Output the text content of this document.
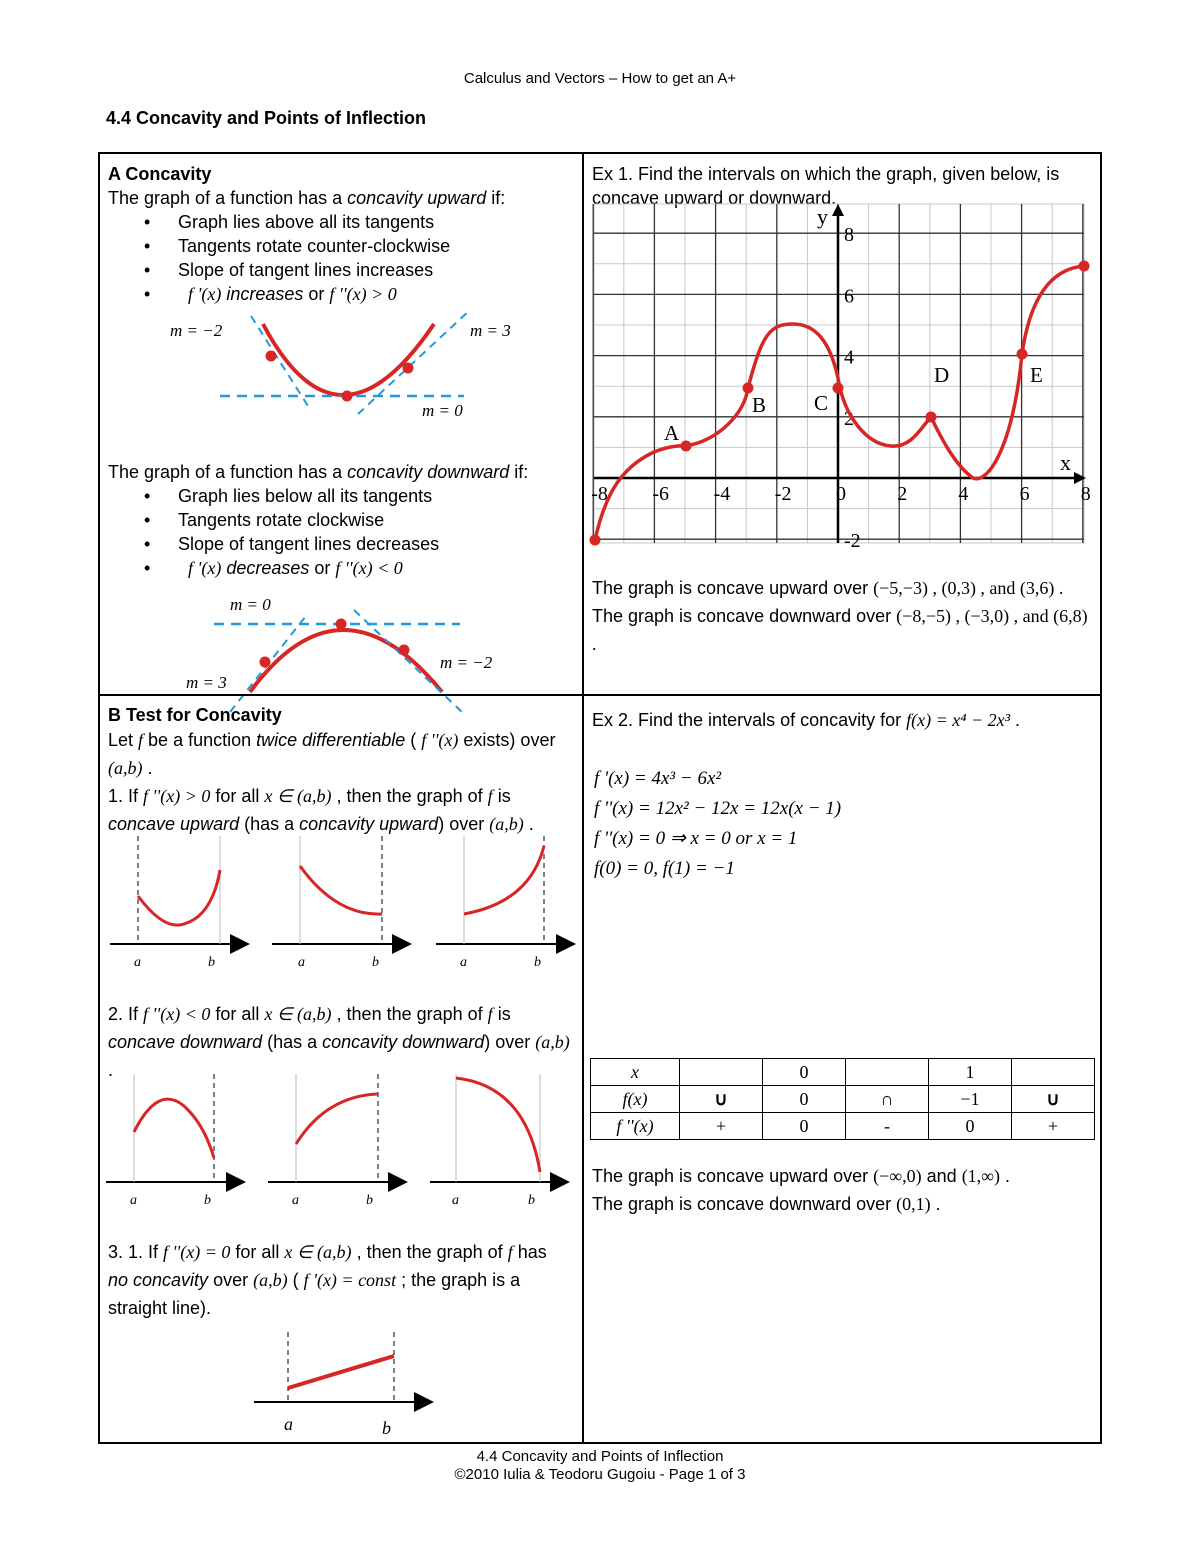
Calculus and Vectors – How to get an A+
4.4 Concavity and Points of Inflection
A Concavity
The graph of a function has a concavity upward if:
• Graph lies above all its tangents
• Tangents rotate counter-clockwise
• Slope of tangent lines increases
• f '(x) increases or f ''(x) > 0
m = −2	m = 3
m = 0
The graph of a function has a concavity downward if:
• Graph lies below all its tangents
• Tangents rotate clockwise
• Slope of tangent lines decreases
• f '(x) decreases or f ''(x) < 0
m = 0
m = 3
m = −2
Ex 1. Find the intervals on which the graph, given below, is concave upward or downward.
y
x
-8 -6 -4 -2 0	2	4	6	8
8
6
4
2
-2
A
B C
D	E
The graph is concave upward over (−5,−3) , (0,3) , and (3,6) .
The graph is concave downward over (−8,−5) , (−3,0) , and (6,8) .
B Test for Concavity
Let f be a function twice differentiable ( f ''(x) exists) over (a,b) .
1. If f ''(x) > 0 for all x ∈ (a,b) , then the graph of f is concave upward (has a concavity upward) over (a,b) .
a	b	a	b	a	b
2. If f ''(x) < 0 for all x ∈ (a,b) , then the graph of f is concave downward (has a concavity downward) over (a,b) .
a	b	a	b	a	b
3. 1. If f ''(x) = 0 for all x ∈ (a,b) , then the graph of f has no concavity over (a,b) ( f '(x) = const ; the graph is a straight line).
a	b
Ex 2. Find the intervals of concavity for f(x) = x⁴ − 2x³ .
f '(x) = 4x³ − 6x²
f ''(x) = 12x² − 12x = 12x(x − 1)
f ''(x) = 0 ⇒ x = 0 or x = 1
f(0) = 0, f(1) = −1
x		0		1	
f(x)	∪	0	∩	−1	∪
f ''(x)	+	0	-	0	+
The graph is concave upward over (−∞,0) and (1,∞) .
The graph is concave downward over (0,1) .
4.4 Concavity and Points of Inflection
©2010 Iulia & Teodoru Gugoiu - Page 1 of 3
